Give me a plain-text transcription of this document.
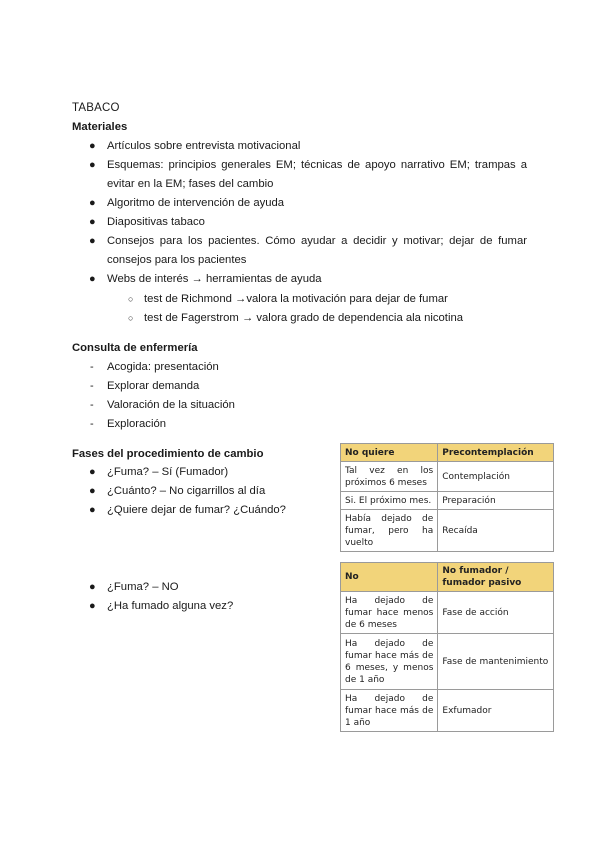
TABACO
Materiales
● Artículos sobre entrevista motivacional
● Esquemas: principios generales EM; técnicas de apoyo narrativo EM; trampas a evitar en la EM; fases del cambio
● Algoritmo de intervención de ayuda
● Diapositivas tabaco
● Consejos para los pacientes. Cómo ayudar a decidir y motivar; dejar de fumar consejos para los pacientes
● Webs de interés → herramientas de ayuda
○ test de Richmond →valora la motivación para dejar de fumar
○ test de Fagerstrom → valora grado de dependencia ala nicotina
Consulta de enfermería
- Acogida: presentación
- Explorar demanda
- Valoración de la situación
- Exploración
Fases del procedimiento de cambio
● ¿Fuma? – Sí (Fumador)
● ¿Cuánto? – No cigarrillos al día
● ¿Quiere dejar de fumar? ¿Cuándo?
● ¿Fuma? – NO
● ¿Ha fumado alguna vez?
No quiere	Precontemplación
Tal vez en los próximos 6 meses	Contemplación
Si. El próximo mes.	Preparación
Había dejado de fumar, pero ha vuelto	Recaída
No	No fumador / fumador pasivo
Ha dejado de fumar hace menos de 6 meses	Fase de acción
Ha dejado de fumar hace más de 6 meses, y menos de 1 año	Fase de mantenimiento
Ha dejado de fumar hace más de 1 año	Exfumador
